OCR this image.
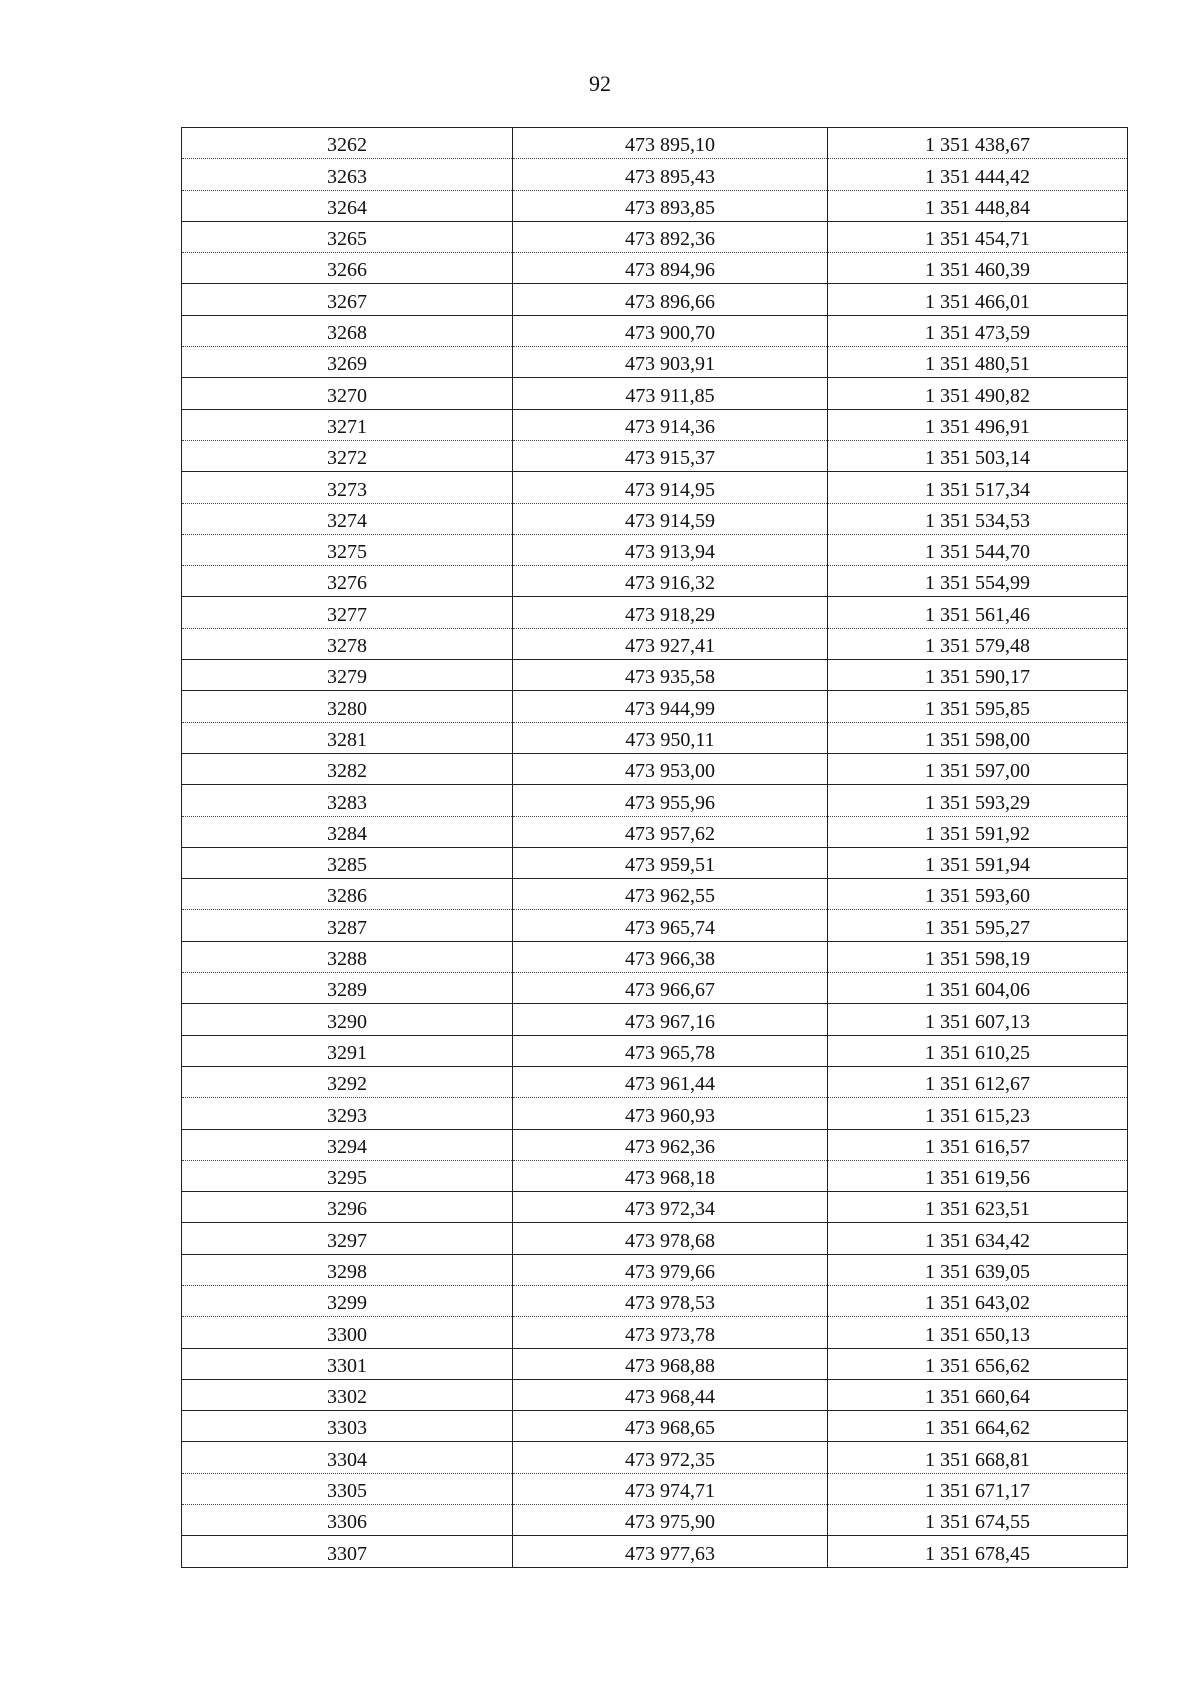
92
3262	473 895,10	1 351 438,67
3263	473 895,43	1 351 444,42
3264	473 893,85	1 351 448,84
3265	473 892,36	1 351 454,71
3266	473 894,96	1 351 460,39
3267	473 896,66	1 351 466,01
3268	473 900,70	1 351 473,59
3269	473 903,91	1 351 480,51
3270	473 911,85	1 351 490,82
3271	473 914,36	1 351 496,91
3272	473 915,37	1 351 503,14
3273	473 914,95	1 351 517,34
3274	473 914,59	1 351 534,53
3275	473 913,94	1 351 544,70
3276	473 916,32	1 351 554,99
3277	473 918,29	1 351 561,46
3278	473 927,41	1 351 579,48
3279	473 935,58	1 351 590,17
3280	473 944,99	1 351 595,85
3281	473 950,11	1 351 598,00
3282	473 953,00	1 351 597,00
3283	473 955,96	1 351 593,29
3284	473 957,62	1 351 591,92
3285	473 959,51	1 351 591,94
3286	473 962,55	1 351 593,60
3287	473 965,74	1 351 595,27
3288	473 966,38	1 351 598,19
3289	473 966,67	1 351 604,06
3290	473 967,16	1 351 607,13
3291	473 965,78	1 351 610,25
3292	473 961,44	1 351 612,67
3293	473 960,93	1 351 615,23
3294	473 962,36	1 351 616,57
3295	473 968,18	1 351 619,56
3296	473 972,34	1 351 623,51
3297	473 978,68	1 351 634,42
3298	473 979,66	1 351 639,05
3299	473 978,53	1 351 643,02
3300	473 973,78	1 351 650,13
3301	473 968,88	1 351 656,62
3302	473 968,44	1 351 660,64
3303	473 968,65	1 351 664,62
3304	473 972,35	1 351 668,81
3305	473 974,71	1 351 671,17
3306	473 975,90	1 351 674,55
3307	473 977,63	1 351 678,45
